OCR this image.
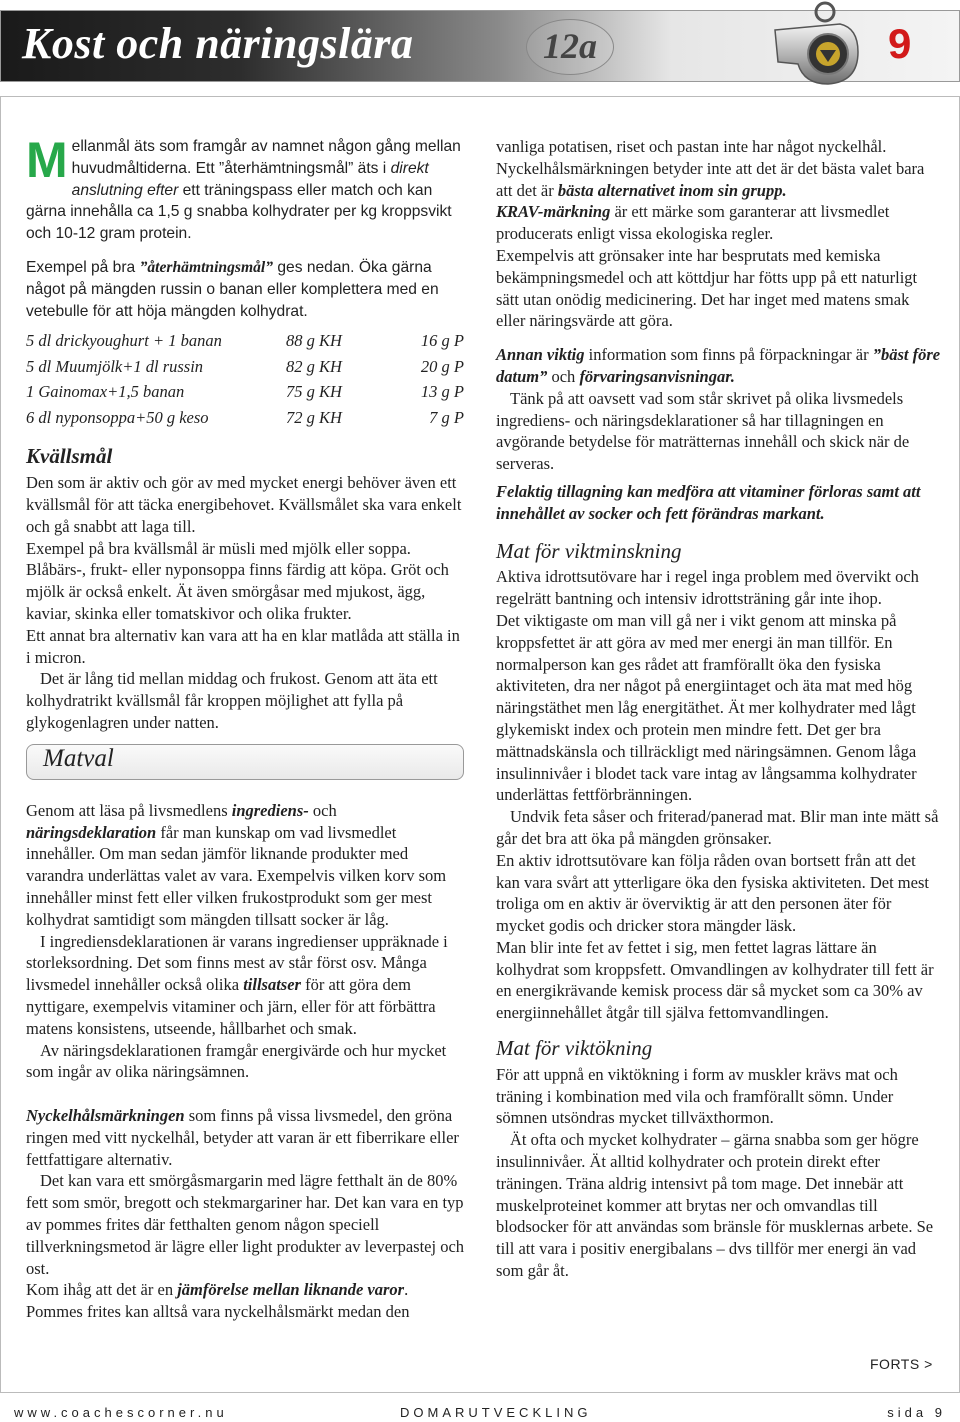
Kost och näringslära	12a	9

Mellanmål äts som framgår av namnet någon gång mellan huvudmåltiderna. Ett ”återhämtningsmål” äts i direkt anslutning efter ett träningspass eller match och kan gärna innehålla ca 1,5 g snabba kolhydrater per kg kroppsvikt och 10-12 gram protein.

Exempel på bra ”återhämtningsmål” ges nedan. Öka gärna något på mängden russin o banan eller komplettera med en vetebulle för att höja mängden kolhydrat.

5 dl drickyoughurt + 1 banan	88 g KH	16 g P
5 dl Muumjölk+1 dl russin	82 g KH	20 g P
1 Gainomax+1,5 banan	75 g KH	13 g P
6 dl nyponsoppa+50 g keso	72 g KH	7 g P

Kvällsmål

Den som är aktiv och gör av med mycket energi behöver även ett kvällsmål för att täcka energibehovet. Kvällsmålet ska vara enkelt och gå snabbt att laga till.

Exempel på bra kvällsmål är müsli med mjölk eller soppa. Blåbärs-, frukt- eller nyponsoppa finns färdig att köpa. Gröt och mjölk är också enkelt. Ät även smörgåsar med mjukost, ägg, kaviar, skinka eller tomatskivor och olika frukter.

Ett annat bra alternativ kan vara att ha en klar matlåda att ställa in i micron.

Det är lång tid mellan middag och frukost. Genom att äta ett kolhydratrikt kvällsmål får kroppen möjlighet att fylla på glykogenlagren under natten.

Matval

Genom att läsa på livsmedlens ingrediens- och näringsdeklaration får man kunskap om vad livsmedlet innehåller. Om man sedan jämför liknande produkter med varandra underlättas valet av vara. Exempelvis vilken korv som innehåller minst fett eller vilken frukostprodukt som ger mest kolhydrat samtidigt som mängden tillsatt socker är låg.

I ingrediensdeklarationen är varans ingredienser uppräknade i storleksordning. Det som finns mest av står först osv. Många livsmedel innehåller också olika tillsatser för att göra dem nyttigare, exempelvis vitaminer och järn, eller för att förbättra matens konsistens, utseende, hållbarhet och smak.

Av näringsdeklarationen framgår energivärde och hur mycket som ingår av olika näringsämnen.

Nyckelhålsmärkningen som finns på vissa livsmedel, den gröna ringen med vitt nyckelhål, betyder att varan är ett fiberrikare eller fettfattigare alternativ.

Det kan vara ett smörgåsmargarin med lägre fetthalt än de 80% fett som smör, bregott och stekmargariner har. Det kan vara en typ av pommes frites där fetthalten genom någon speciell tillverkningsmetod är lägre eller light produkter av leverpastej och ost.

Kom ihåg att det är en jämförelse mellan liknande varor.

Pommes frites kan alltså vara nyckelhålsmärkt medan den

vanliga potatisen, riset och pastan inte har något nyckelhål.

Nyckelhålsmärkningen betyder inte att det är det bästa valet bara att det är bästa alternativet inom sin grupp.

KRAV-märkning är ett märke som garanterar att livsmedlet producerats enligt vissa ekologiska regler.

Exempelvis att grönsaker inte har besprutats med kemiska bekämpningsmedel och att köttdjur har fötts upp på ett naturligt sätt utan onödig medicinering. Det har inget med matens smak eller näringsvärde att göra.

Annan viktig information som finns på förpackningar är ”bäst före datum” och förvaringsanvisningar.

Tänk på att oavsett vad som står skrivet på olika livsmedels ingrediens- och näringsdeklarationer så har tillagningen en avgörande betydelse för maträtternas innehåll och skick när de serveras.

Felaktig tillagning kan medföra att vitaminer förloras samt att innehållet av socker och fett förändras markant.

Mat för viktminskning

Aktiva idrottsutövare har i regel inga problem med övervikt och regelrätt bantning och intensiv idrottsträning går inte ihop.

Det viktigaste om man vill gå ner i vikt genom att minska på kroppsfettet är att göra av med mer energi än man tillför. En normalperson kan ges rådet att framförallt öka den fysiska aktiviteten, dra ner något på energiintaget och äta mat med hög näringstäthet men låg energitäthet. Ät mer kolhydrater med lågt glykemiskt index och protein men mindre fett. Det ger bra mättnadskänsla och tillräckligt med näringsämnen. Genom låga insulinnivåer i blodet tack vare intag av långsamma kolhydrater underlättas fettförbränningen.

Undvik feta såser och friterad/panerad mat. Blir man inte mätt så går det bra att öka på mängden grönsaker.

En aktiv idrottsutövare kan följa råden ovan bortsett från att det kan vara svårt att ytterligare öka den fysiska aktiviteten. Det mest troliga om en aktiv är överviktig är att den personen äter för mycket godis och dricker stora mängder läsk.

Man blir inte fet av fettet i sig, men fettet lagras lättare än kolhydrat som kroppsfett. Omvandlingen av kolhydrater till fett är en energikrävande kemisk process där så mycket som ca 30% av energiinnehållet åtgår till själva fettomvandlingen.

Mat för viktökning

För att uppnå en viktökning i form av muskler krävs mat och träning i kombination med vila och framförallt sömn. Under sömnen utsöndras mycket tillväxthormon.

Ät ofta och mycket kolhydrater – gärna snabba som ger högre insulinnivåer. Ät alltid kolhydrater och protein direkt efter träningen. Träna aldrig intensivt på tom mage. Det innebär att muskelproteinet kommer att brytas ner och omvandlas till blodsocker för att användas som bränsle för musklernas arbete. Se till att vara i positiv energibalans – dvs tillför mer energi än vad som går åt.

FORTS >
www.coachescorner.nu	DOMARUTVECKLING	sida 9
